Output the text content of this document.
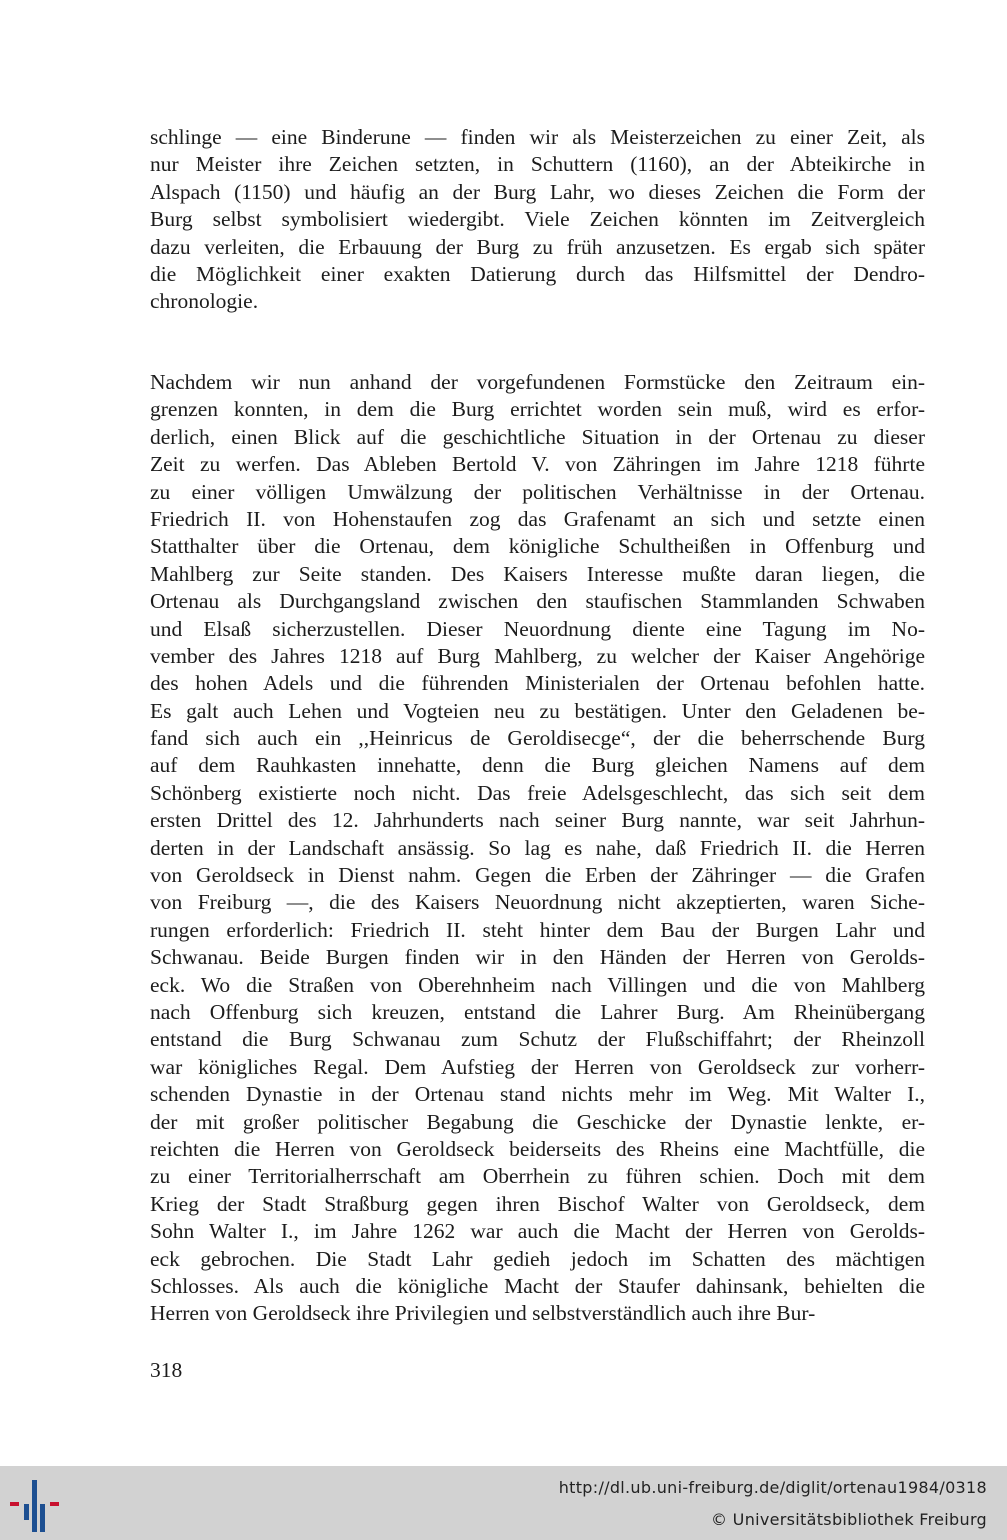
schlinge — eine Binderune — finden wir als Meisterzeichen zu einer Zeit, als
nur Meister ihre Zeichen setzten, in Schuttern (1160), an der Abteikirche in
Alspach (1150) und häufig an der Burg Lahr, wo dieses Zeichen die Form der
Burg selbst symbolisiert wiedergibt. Viele Zeichen könnten im Zeitvergleich
dazu verleiten, die Erbauung der Burg zu früh anzusetzen. Es ergab sich später
die Möglichkeit einer exakten Datierung durch das Hilfsmittel der Dendro-
chronologie.
Nachdem wir nun anhand der vorgefundenen Formstücke den Zeitraum ein-
grenzen konnten, in dem die Burg errichtet worden sein muß, wird es erfor-
derlich, einen Blick auf die geschichtliche Situation in der Ortenau zu dieser
Zeit zu werfen. Das Ableben Bertold V. von Zähringen im Jahre 1218 führte
zu einer völligen Umwälzung der politischen Verhältnisse in der Ortenau.
Friedrich II. von Hohenstaufen zog das Grafenamt an sich und setzte einen
Statthalter über die Ortenau, dem königliche Schultheißen in Offenburg und
Mahlberg zur Seite standen. Des Kaisers Interesse mußte daran liegen, die
Ortenau als Durchgangsland zwischen den staufischen Stammlanden Schwaben
und Elsaß sicherzustellen. Dieser Neuordnung diente eine Tagung im No-
vember des Jahres 1218 auf Burg Mahlberg, zu welcher der Kaiser Angehörige
des hohen Adels und die führenden Ministerialen der Ortenau befohlen hatte.
Es galt auch Lehen und Vogteien neu zu bestätigen. Unter den Geladenen be-
fand sich auch ein ,,Heinricus de Geroldisecge“, der die beherrschende Burg
auf dem Rauhkasten innehatte, denn die Burg gleichen Namens auf dem
Schönberg existierte noch nicht. Das freie Adelsgeschlecht, das sich seit dem
ersten Drittel des 12. Jahrhunderts nach seiner Burg nannte, war seit Jahrhun-
derten in der Landschaft ansässig. So lag es nahe, daß Friedrich II. die Herren
von Geroldseck in Dienst nahm. Gegen die Erben der Zähringer — die Grafen
von Freiburg —, die des Kaisers Neuordnung nicht akzeptierten, waren Siche-
rungen erforderlich: Friedrich II. steht hinter dem Bau der Burgen Lahr und
Schwanau. Beide Burgen finden wir in den Händen der Herren von Gerolds-
eck. Wo die Straßen von Oberehnheim nach Villingen und die von Mahlberg
nach Offenburg sich kreuzen, entstand die Lahrer Burg. Am Rheinübergang
entstand die Burg Schwanau zum Schutz der Flußschiffahrt; der Rheinzoll
war königliches Regal. Dem Aufstieg der Herren von Geroldseck zur vorherr-
schenden Dynastie in der Ortenau stand nichts mehr im Weg. Mit Walter I.,
der mit großer politischer Begabung die Geschicke der Dynastie lenkte, er-
reichten die Herren von Geroldseck beiderseits des Rheins eine Machtfülle, die
zu einer Territorialherrschaft am Oberrhein zu führen schien. Doch mit dem
Krieg der Stadt Straßburg gegen ihren Bischof Walter von Geroldseck, dem
Sohn Walter I., im Jahre 1262 war auch die Macht der Herren von Gerolds-
eck gebrochen. Die Stadt Lahr gedieh jedoch im Schatten des mächtigen
Schlosses. Als auch die königliche Macht der Staufer dahinsank, behielten die
Herren von Geroldseck ihre Privilegien und selbstverständlich auch ihre Bur-
318
http://dl.ub.uni-freiburg.de/diglit/ortenau1984/0318
© Universitätsbibliothek Freiburg
